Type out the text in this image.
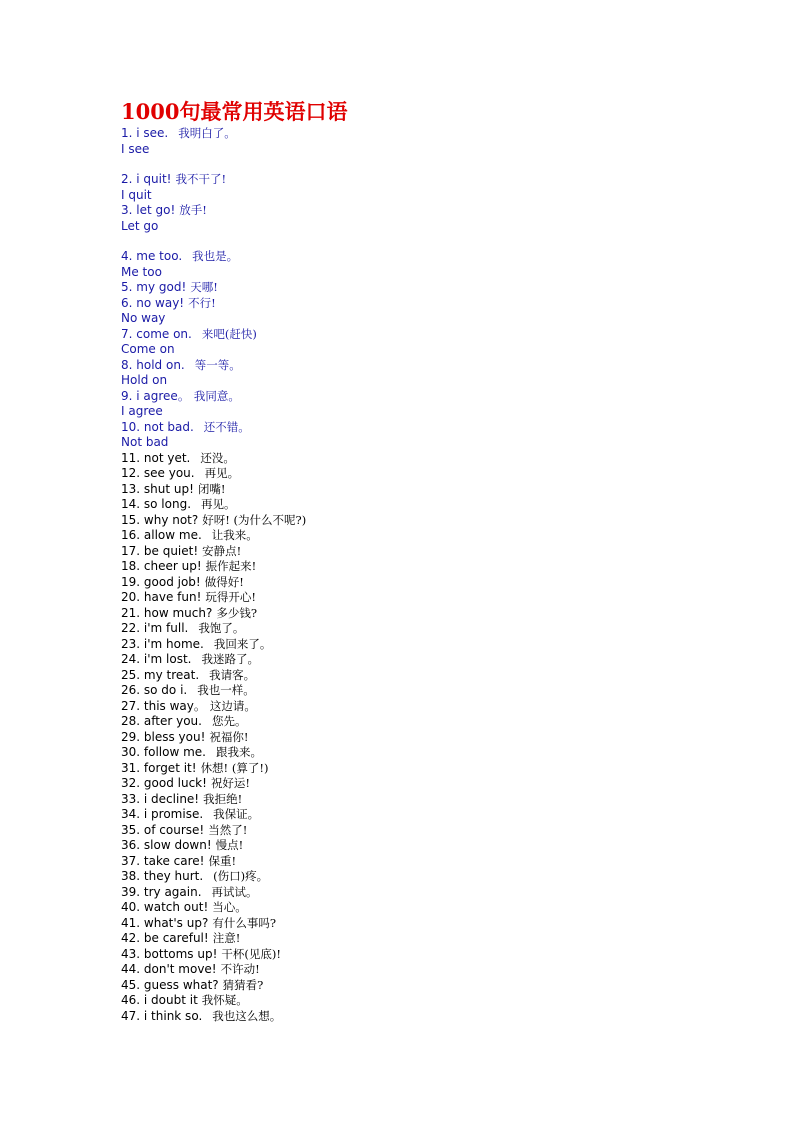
1000句最常用英语口语
1. i see. 我明白了。
I see
2. i quit! 我不干了!
I quit
3. let go! 放手!
Let go
4. me too. 我也是。
Me too
5. my god! 天哪!
6. no way! 不行!
No way
7. come on. 来吧(赶快)
Come on
8. hold on. 等一等。
Hold on
9. i agree。 我同意。
I agree
10. not bad. 还不错。
Not bad
11. not yet. 还没。
12. see you. 再见。
13. shut up! 闭嘴!
14. so long. 再见。
15. why not? 好呀! (为什么不呢?)
16. allow me. 让我来。
17. be quiet! 安静点!
18. cheer up! 振作起来!
19. good job! 做得好!
20. have fun! 玩得开心!
21. how much? 多少钱?
22. i'm full. 我饱了。
23. i'm home. 我回来了。
24. i'm lost. 我迷路了。
25. my treat. 我请客。
26. so do i. 我也一样。
27. this way。 这边请。
28. after you. 您先。
29. bless you! 祝福你!
30. follow me. 跟我来。
31. forget it! 休想! (算了!)
32. good luck! 祝好运!
33. i decline! 我拒绝!
34. i promise. 我保证。
35. of course! 当然了!
36. slow down! 慢点!
37. take care! 保重!
38. they hurt. (伤口)疼。
39. try again. 再试试。
40. watch out! 当心。
41. what's up? 有什么事吗?
42. be careful! 注意!
43. bottoms up! 干杯(见底)!
44. don't move! 不许动!
45. guess what? 猜猜看?
46. i doubt it 我怀疑。
47. i think so. 我也这么想。
